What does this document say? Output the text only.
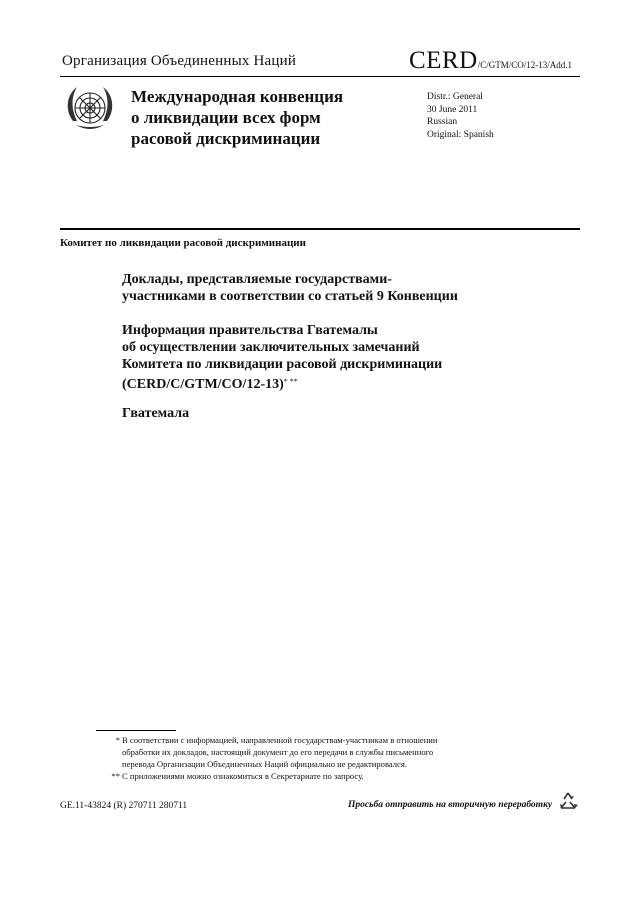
Организация Объединенных Наций	CERD/C/GTM/CO/12-13/Add.1
Международная конвенция
о ликвидации всех форм
расовой дискриминации
Distr.: General
30 June 2011
Russian
Original: Spanish
Комитет по ликвидации расовой дискриминации
Доклады, представляемые государствами-
участниками в соответствии со статьей 9 Конвенции
Информация правительства Гватемалы
об осуществлении заключительных замечаний
Комитета по ликвидации расовой дискриминации
(CERD/C/GTM/CO/12-13)* **
Гватемала
* В соответствии с информацией, направленной государствам-участникам в отношении
обработки их докладов, настоящий документ до его передачи в службы письменного
перевода Организации Объединенных Наций официально не редактировался.
** С приложениями можно ознакомиться в Секретариате по запросу.
GE.11-43824 (R) 270711 280711	Просьба отправить на вторичную переработку
